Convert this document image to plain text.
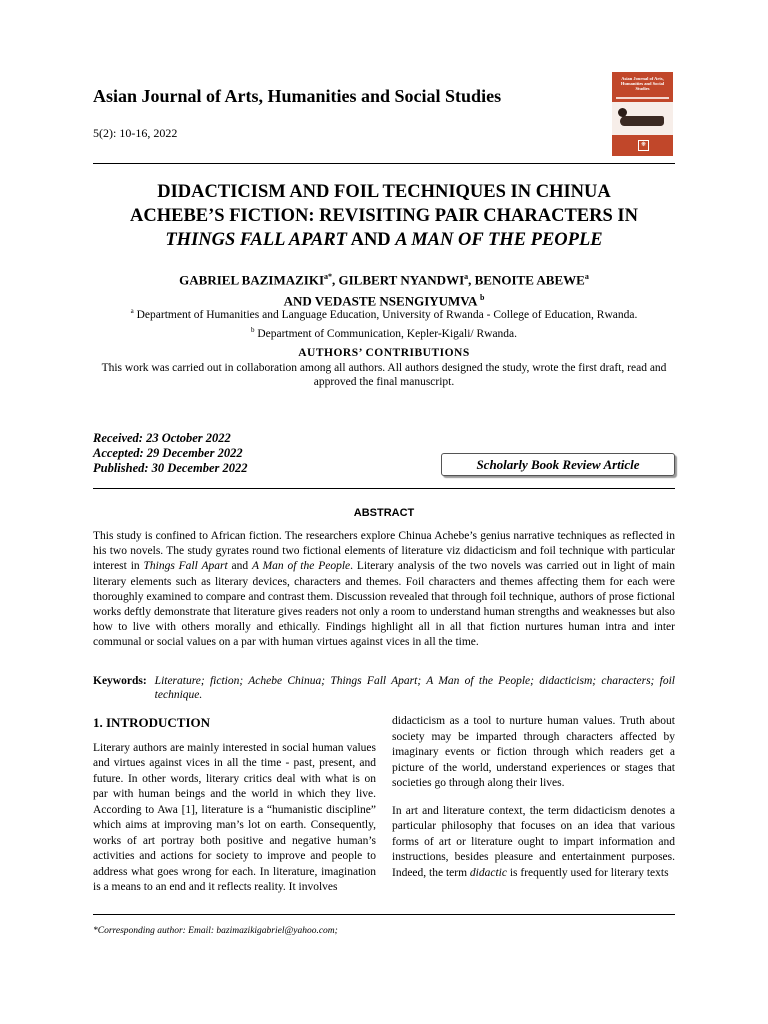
Asian Journal of Arts, Humanities and Social Studies
5(2): 10-16, 2022
Asian Journal of Arts, Humanities and Social Studies
❋
DIDACTICISM AND FOIL TECHNIQUES IN CHINUA
ACHEBE’S FICTION: REVISITING PAIR CHARACTERS IN
THINGS FALL APART AND A MAN OF THE PEOPLE
GABRIEL $BAZIMAZIKI^{a*}$, GILBERT NYANDWI$^a$, BENOITE ABEWE$^a$
AND VEDASTE NSENGIYUMVA $^b$
$^a$ Department of Humanities and Language Education, University of Rwanda - College of Education, Rwanda.
$^b$ Department of Communication, Kepler-Kigali/ Rwanda.
AUTHORS’ CONTRIBUTIONS
This work was carried out in collaboration among all authors. All authors designed the study, wrote the first draft, read and approved the final manuscript.
Received: 23 October 2022
Accepted: 29 December 2022
Published: 30 December 2022	Scholarly Book Review Article
ABSTRACT
This study is confined to African fiction. The researchers explore Chinua Achebe’s genius narrative techniques as reflected in his two novels. The study gyrates round two fictional elements of literature viz didacticism and foil technique with particular interest in Things Fall Apart and A Man of the People. Literary analysis of the two novels was carried out in light of main literary elements such as literary devices, characters and themes. Foil characters and themes affecting them for each were thoroughly examined to compare and contrast them. Discussion revealed that through foil technique, authors of prose fictional works deftly demonstrate that literature gives readers not only a room to understand human strengths and weaknesses but also how to live with others morally and ethically. Findings highlight all in all that fiction nurtures human intra and inter communal or social values on a par with human virtues against vices in all the time.
Keywords: Literature; fiction; Achebe Chinua; Things Fall Apart; A Man of the People; didacticism; characters; foil technique.
1. INTRODUCTION

Literary authors are mainly interested in social human values and virtues against vices in all the time - past, present, and future. In other words, literary critics deal with what is on par with human beings and the world in which they live. According to Awa [1], literature is a “humanistic discipline” which aims at improving man’s lot on earth. Consequently, works of art portray both positive and negative human’s activities and actions for society to improve and people to address what goes wrong for each. In literature, imagination is a means to an end and it reflects reality. It involves

didacticism as a tool to nurture human values. Truth about society may be imparted through characters affected by imaginary events or fiction through which readers get a picture of the world, understand experiences or stages that societies go through along their lives.

In art and literature context, the term didacticism denotes a particular philosophy that focuses on an idea that various forms of art or literature ought to impart information and instructions, besides pleasure and entertainment purposes. Indeed, the term didactic is frequently used for literary texts

*Corresponding author: Email: bazimazikigabriel@yahoo.com;
